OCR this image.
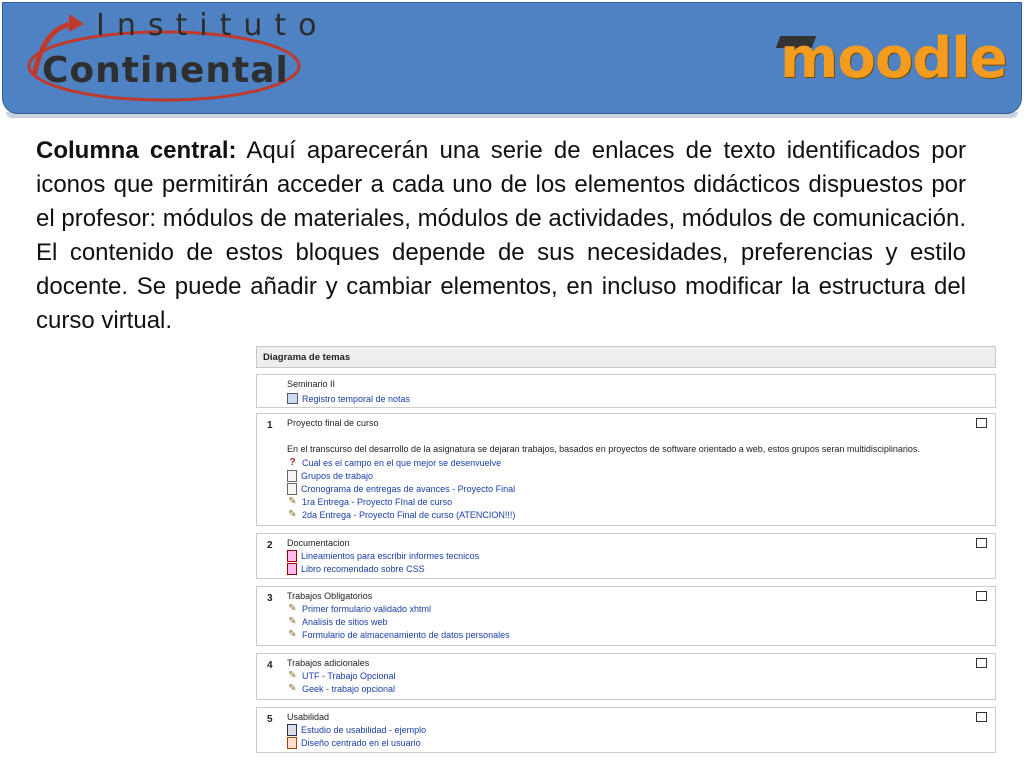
Instituto
Continental	moodle
Columna central: Aquí aparecerán una serie de enlaces de texto identificados por iconos que permitirán acceder a cada uno de los elementos didácticos dispuestos por el profesor: módulos de materiales, módulos de actividades, módulos de comunicación. El contenido de estos bloques depende de sus necesidades, preferencias y estilo docente. Se puede añadir y cambiar elementos, en incluso modificar la estructura del curso virtual.
Diagrama de temas
Seminario II
Registro temporal de notas
1 Proyecto final de curso
En el transcurso del desarrollo de la asignatura se dejaran trabajos, basados en proyectos de software orientado a web, estos grupos seran multidisciplinarios.
? Cual es el campo en el que mejor se desenvuelve
Grupos de trabajo
Cronograma de entregas de avances - Proyecto Final
✎ 1ra Entrega - Proyecto FInal de curso
✎ 2da Entrega - Proyecto Final de curso (ATENCION!!!)
2 Documentacion
Lineamientos para escribir informes tecnicos
Libro recomendado sobre CSS
3 Trabajos Obligatorios
✎ Primer formulario validado xhtml
✎ Analisis de sitios web
✎ Formulario de almacenamiento de datos personales
4 Trabajos adicionales
✎ UTF - Trabajo Opcional
✎ Geek - trabajo opcional
5 Usabilidad
Estudio de usabilidad - ejemplo
Diseño centrado en el usuario
